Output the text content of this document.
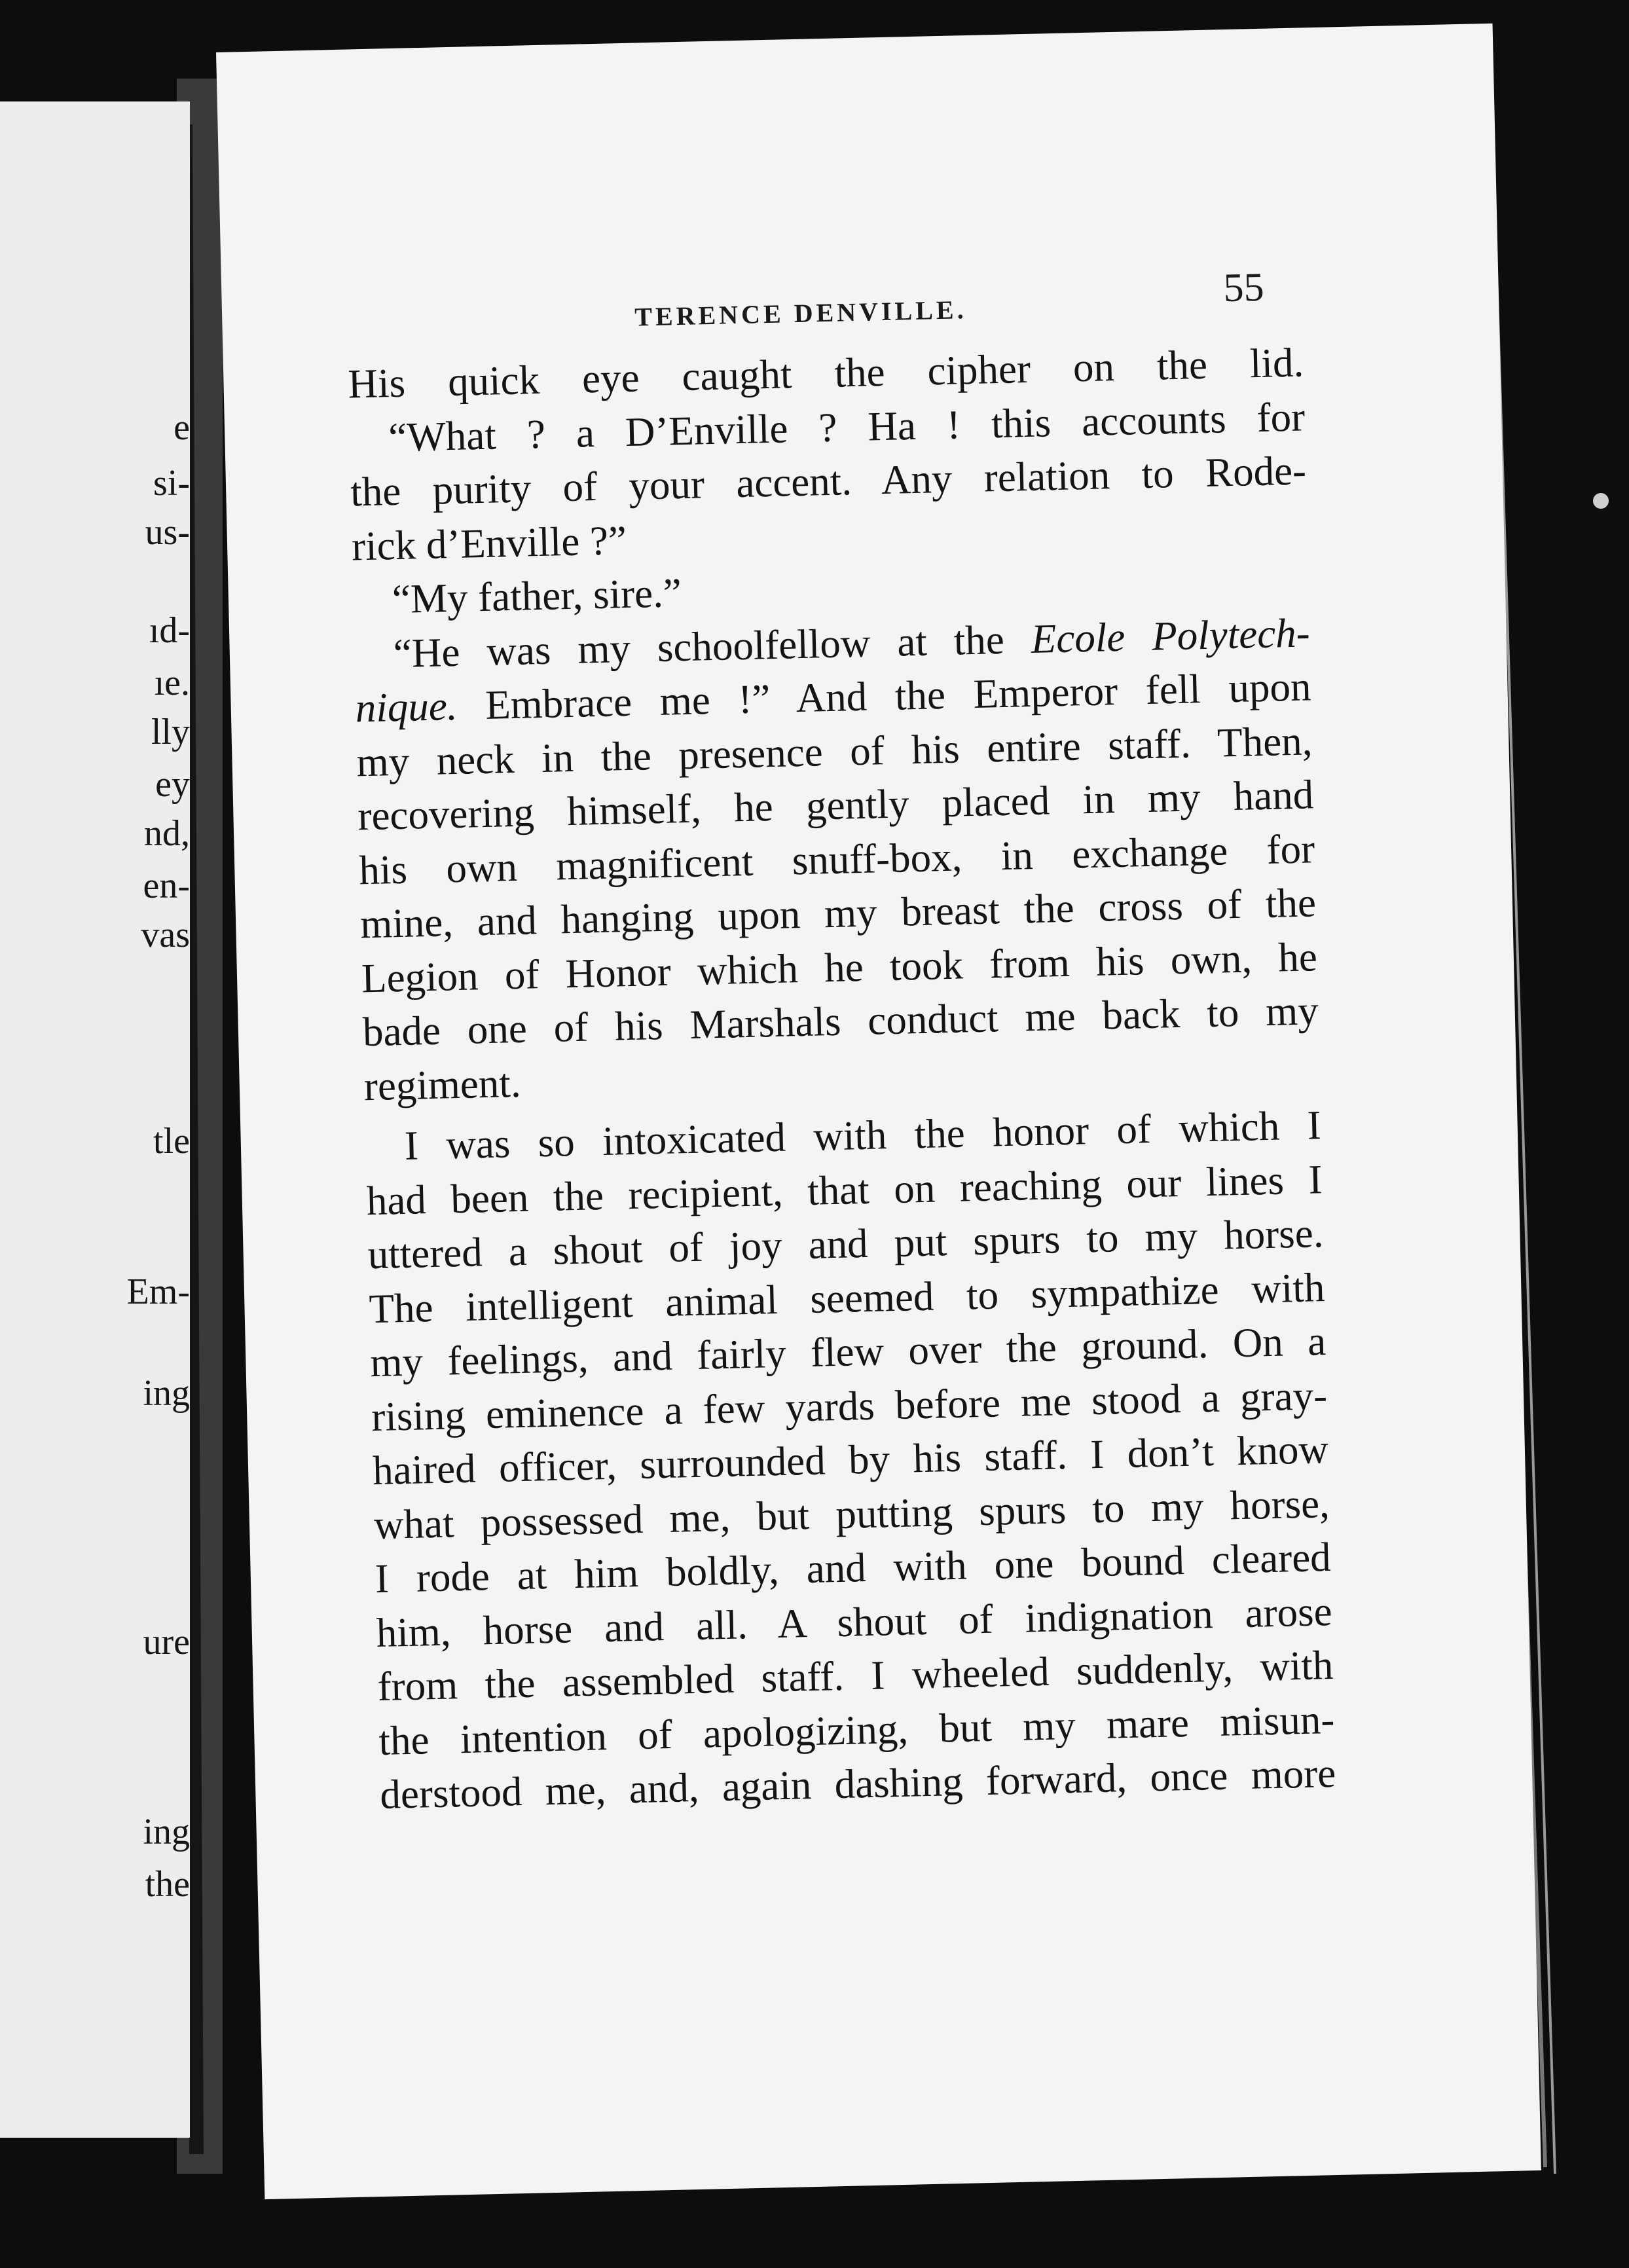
e
si-
us-
ıd-
ıe.
lly
ey
nd,
en-
vas
tle
Em-
ing
ure
ing
the
TERENCE DENVILLE.
55
His quick eye caught the cipher on the lid.
“What ? a D’Enville ? Ha ! this accounts for
the purity of your accent. Any relation to Rode-
rick d’Enville ?”
“My father, sire.”
“He was my schoolfellow at the Ecole Polytech-
nique. Embrace me !” And the Emperor fell upon
my neck in the presence of his entire staff. Then,
recovering himself, he gently placed in my hand
his own magnificent snuff-box, in exchange for
mine, and hanging upon my breast the cross of the
Legion of Honor which he took from his own, he
bade one of his Marshals conduct me back to my
regiment.
I was so intoxicated with the honor of which I
had been the recipient, that on reaching our lines I
uttered a shout of joy and put spurs to my horse.
The intelligent animal seemed to sympathize with
my feelings, and fairly flew over the ground. On a
rising eminence a few yards before me stood a gray-
haired officer, surrounded by his staff. I don’t know
what possessed me, but putting spurs to my horse,
I rode at him boldly, and with one bound cleared
him, horse and all. A shout of indignation arose
from the assembled staff. I wheeled suddenly, with
the intention of apologizing, but my mare misun-
derstood me, and, again dashing forward, once more
